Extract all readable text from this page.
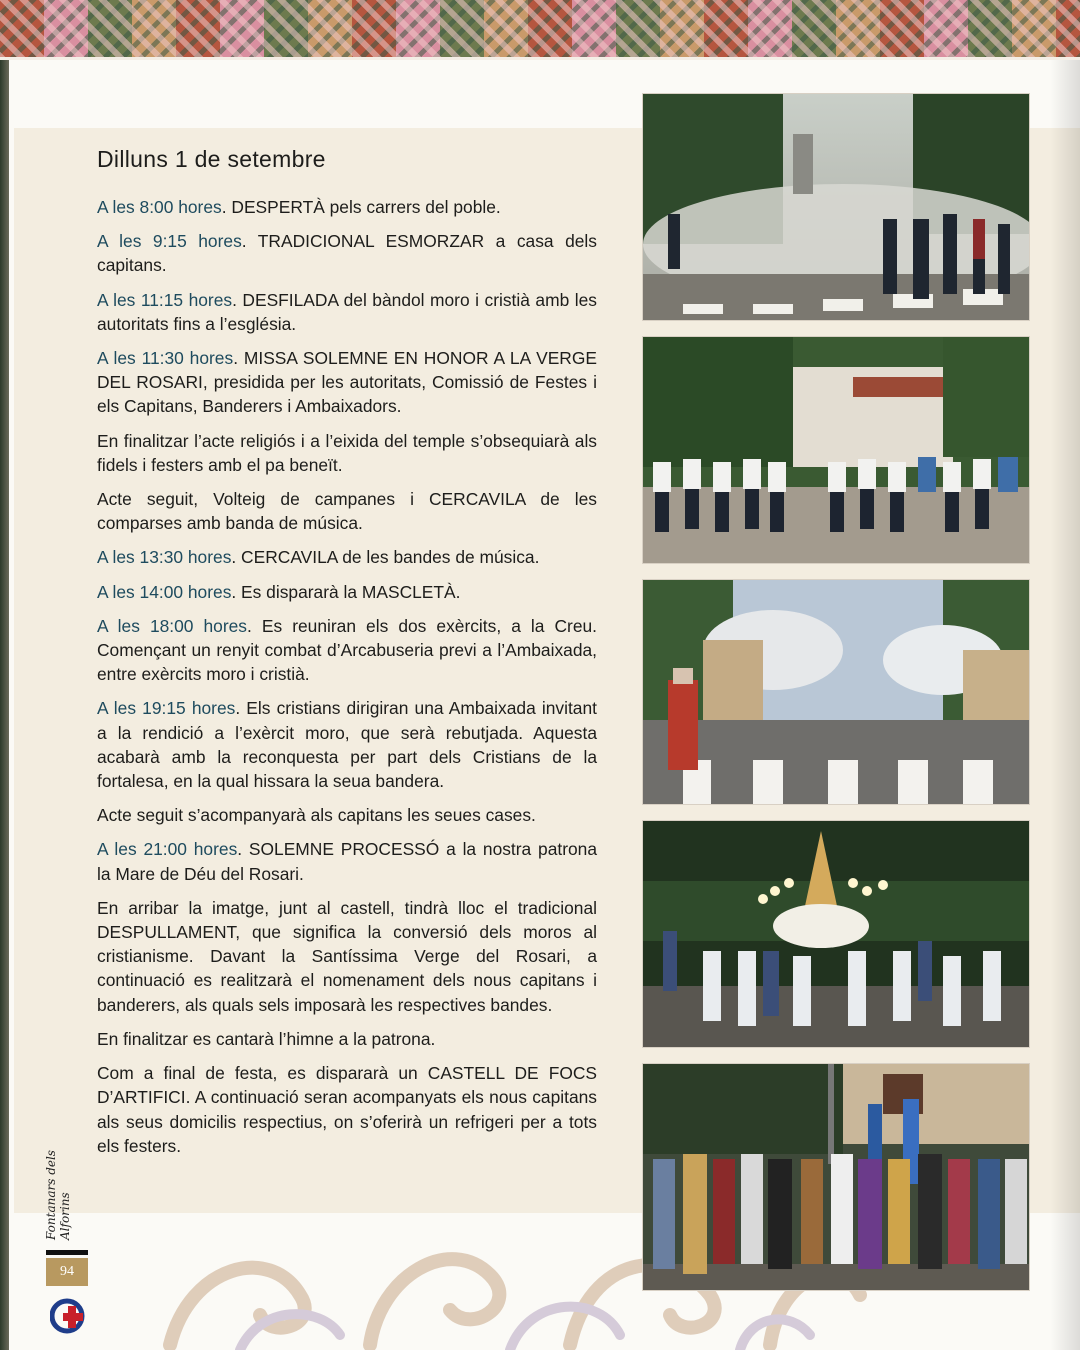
Dilluns 1 de setembre

A les 8:00 hores. DESPERTÀ pels carrers del poble.

A les 9:15 hores. TRADICIONAL ESMORZAR a casa dels capitans.

A les 11:15 hores. DESFILADA del bàndol moro i cristià amb les autoritats fins a l’església.

A les 11:30 hores. MISSA SOLEMNE EN HONOR A LA VERGE DEL ROSARI, presidida per les autoritats, Comissió de Festes i els Capitans, Banderers i Ambaixadors.

En finalitzar l’acte religiós i a l’eixida del temple s’obsequiarà als fidels i festers amb el pa beneït.

Acte seguit, Volteig de campanes i CERCAVILA de les comparses amb banda de música.

A les 13:30 hores. CERCAVILA de les bandes de música.

A les 14:00 hores. Es dispararà la MASCLETÀ.

A les 18:00 hores. Es reuniran els dos exèrcits, a la Creu. Començant un renyit combat d’Arcabuseria previ a l’Ambaixada, entre exèrcits moro i cristià.

A les 19:15 hores. Els cristians dirigiran una Ambaixada invitant a la rendició a l’exèrcit moro, que serà rebutjada. Aquesta acabarà amb la reconquesta per part dels Cristians de la fortalesa, en la qual hissara la seua bandera.

Acte seguit s’acompanyarà als capitans les seues cases.

A les 21:00 hores. SOLEMNE PROCESSÓ a la nostra patrona la Mare de Déu del Rosari.

En arribar la imatge, junt al castell, tindrà lloc el tradicional DESPULLAMENT, que significa la conversió dels moros al cristianisme. Davant la Santíssima Verge del Rosari, a continuació es realitzarà el nomenament dels nous capitans i banderers, als quals sels imposarà les respectives bandes.

En finalitzar es cantarà l’himne a la patrona.

Com a final de festa, es dispararà un CASTELL DE FOCS D’ARTIFICI. A continuació seran acompanyats els nous capitans als seus domicilis respectius, on s’oferirà un refrigeri per a tots els festers.

Fontanars dels Alforins
94
